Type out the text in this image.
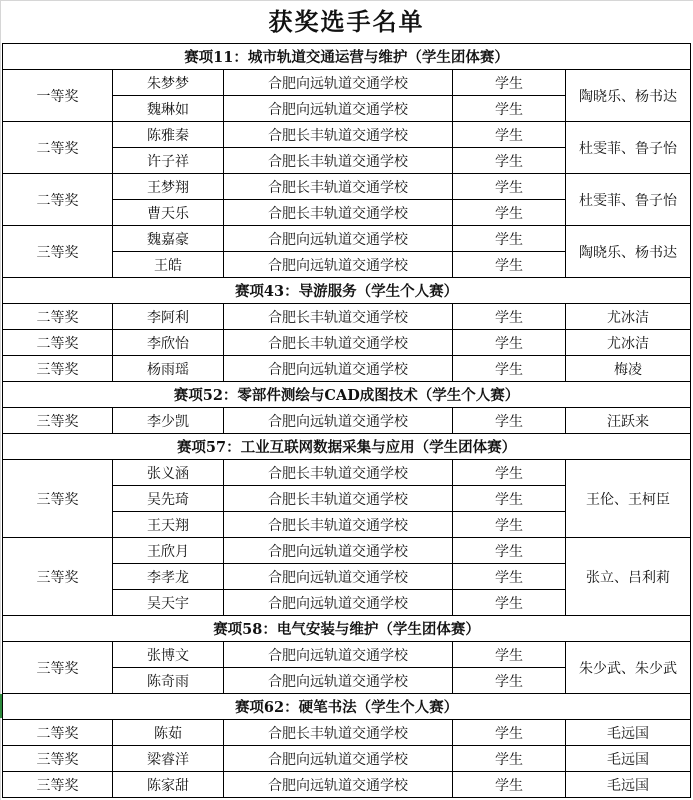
获奖选手名单
赛项11：城市轨道交通运营与维护（学生团体赛）				
一等奖	朱梦梦	合肥向远轨道交通学校	学生	陶晓乐、杨书达
	魏琳如	合肥向远轨道交通学校	学生	
二等奖	陈雅秦	合肥长丰轨道交通学校	学生	杜雯菲、鲁子怡
	许子祥	合肥长丰轨道交通学校	学生	
二等奖	王梦翔	合肥长丰轨道交通学校	学生	杜雯菲、鲁子怡
	曹天乐	合肥长丰轨道交通学校	学生	
三等奖	魏嘉豪	合肥向远轨道交通学校	学生	陶晓乐、杨书达
	王皓	合肥向远轨道交通学校	学生	
赛项43：导游服务（学生个人赛）				
二等奖	李阿利	合肥长丰轨道交通学校	学生	尤冰洁
二等奖	李欣怡	合肥长丰轨道交通学校	学生	尤冰洁
三等奖	杨雨瑶	合肥向远轨道交通学校	学生	梅凌
赛项52：零部件测绘与CAD成图技术（学生个人赛）				
三等奖	李少凯	合肥向远轨道交通学校	学生	汪跃来
赛项57：工业互联网数据采集与应用（学生团体赛）				
三等奖	张义涵	合肥长丰轨道交通学校	学生	王伦、王柯臣
	吴先琦	合肥长丰轨道交通学校	学生	
	王天翔	合肥长丰轨道交通学校	学生	
三等奖	王欣月	合肥向远轨道交通学校	学生	张立、吕利莉
	李孝龙	合肥向远轨道交通学校	学生	
	吴天宇	合肥向远轨道交通学校	学生	
赛项58：电气安装与维护（学生团体赛）				
三等奖	张博文	合肥向远轨道交通学校	学生	朱少武、朱少武
	陈奇雨	合肥向远轨道交通学校	学生	
赛项62：硬笔书法（学生个人赛）				
二等奖	陈茹	合肥长丰轨道交通学校	学生	毛远国
三等奖	梁睿洋	合肥向远轨道交通学校	学生	毛远国
三等奖	陈家甜	合肥向远轨道交通学校	学生	毛远国
